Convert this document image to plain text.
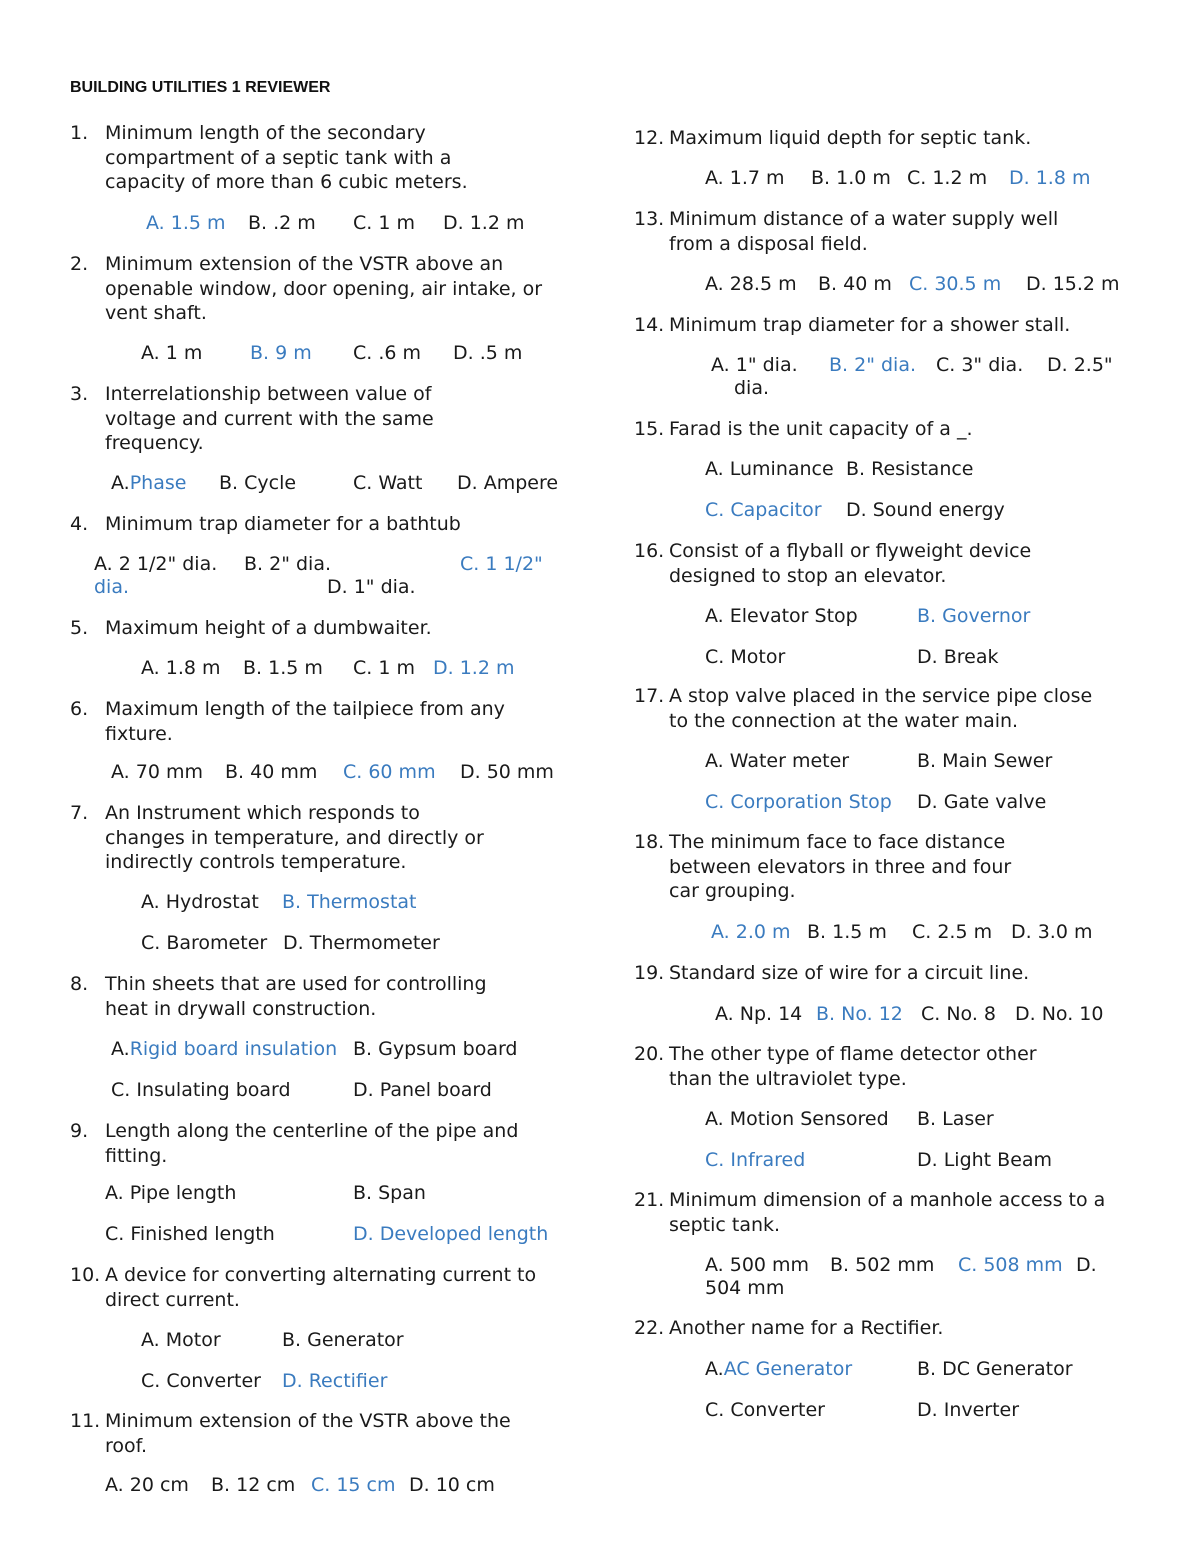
BUILDING UTILITIES 1 REVIEWER
1. Minimum length of the secondary
compartment of a septic tank with a
capacity of more than 6 cubic meters.
A. 1.5 m B. .2 m C. 1 m D. 1.2 m
2. Minimum extension of the VSTR above an
openable window, door opening, air intake, or
vent shaft.
A. 1 m	B. 9 m C. .6 m D. .5 m
3. Interrelationship between value of
voltage and current with the same
frequency.
A.Phase B. Cycle	C. Watt D. Ampere
4. Minimum trap diameter for a bathtub
A. 2 1/2" dia. B. 2" dia.	C. 1 1/2"
dia.	D. 1" dia.
5. Maximum height of a dumbwaiter.
A. 1.8 m B. 1.5 m C. 1 m D. 1.2 m
6. Maximum length of the tailpiece from any
fixture.
A. 70 mm B. 40 mm C. 60 mm D. 50 mm
7. An Instrument which responds to
changes in temperature, and directly or
indirectly controls temperature.
A. Hydrostat B. Thermostat
C. Barometer D. Thermometer
8. Thin sheets that are used for controlling
heat in drywall construction.
A.Rigid board insulation B. Gypsum board
C. Insulating board	D. Panel board
9. Length along the centerline of the pipe and
fitting.
A. Pipe length	B. Span
C. Finished length	D. Developed length
10. A device for converting alternating current to
direct current.
A. Motor	B. Generator
C. Converter D. Rectifier
11. Minimum extension of the VSTR above the
roof.
A. 20 cm B. 12 cm C. 15 cm D. 10 cm
12. Maximum liquid depth for septic tank.
A. 1.7 m B. 1.0 m C. 1.2 m D. 1.8 m
13. Minimum distance of a water supply well
from a disposal field.
A. 28.5 m B. 40 m C. 30.5 m D. 15.2 m
14. Minimum trap diameter for a shower stall.
A. 1" dia. B. 2" dia. C. 3" dia. D. 2.5"
dia.
15. Farad is the unit capacity of a _.
A. Luminance B. Resistance
C. Capacitor D. Sound energy
16. Consist of a flyball or flyweight device
designed to stop an elevator.
A. Elevator Stop	B. Governor
C. Motor	D. Break
17. A stop valve placed in the service pipe close
to the connection at the water main.
A. Water meter	B. Main Sewer
C. Corporation Stop D. Gate valve
18. The minimum face to face distance
between elevators in three and four
car grouping.
A. 2.0 m B. 1.5 m C. 2.5 m D. 3.0 m
19. Standard size of wire for a circuit line.
A. Np. 14 B. No. 12 C. No. 8 D. No. 10
20. The other type of flame detector other
than the ultraviolet type.
A. Motion Sensored B. Laser
C. Infrared	D. Light Beam
21. Minimum dimension of a manhole access to a
septic tank.
A. 500 mm B. 502 mm C. 508 mm D.
504 mm
22. Another name for a Rectifier.
A.AC Generator	B. DC Generator
C. Converter	D. Inverter
